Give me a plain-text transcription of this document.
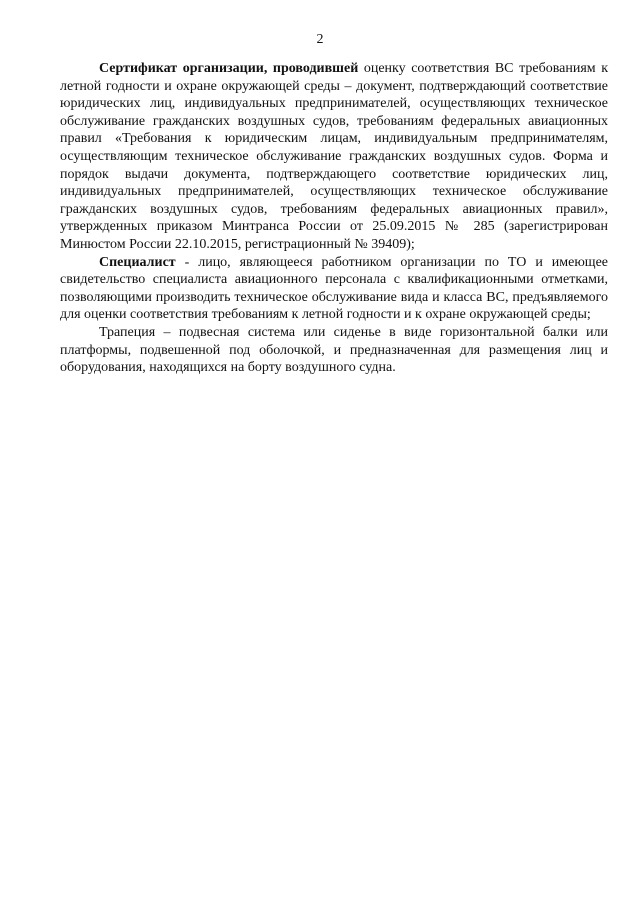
2

Сертификат организации, проводившей оценку соответствия ВС требованиям к летной годности и охране окружающей среды – документ, подтверждающий соответствие юридических лиц, индивидуальных предпринимателей, осуществляющих техническое обслуживание гражданских воздушных судов, требованиям федеральных авиационных правил «Требования к юридическим лицам, индивидуальным предпринимателям, осуществляющим техническое обслуживание гражданских воздушных судов. Форма и порядок выдачи документа, подтверждающего соответствие юридических лиц, индивидуальных предпринимателей, осуществляющих техническое обслуживание гражданских воздушных судов, требованиям федеральных авиационных правил», утвержденных приказом Минтранса России от 25.09.2015 № 285 (зарегистрирован Минюстом России 22.10.2015, регистрационный № 39409);

Специалист - лицо, являющееся работником организации по ТО и имеющее свидетельство специалиста авиационного персонала с квалификационными отметками, позволяющими производить техническое обслуживание вида и класса ВС, предъявляемого для оценки соответствия требованиям к летной годности и к охране окружающей среды;

Трапеция – подвесная система или сиденье в виде горизонтальной балки или платформы, подвешенной под оболочкой, и предназначенная для размещения лиц и оборудования, находящихся на борту воздушного судна.
